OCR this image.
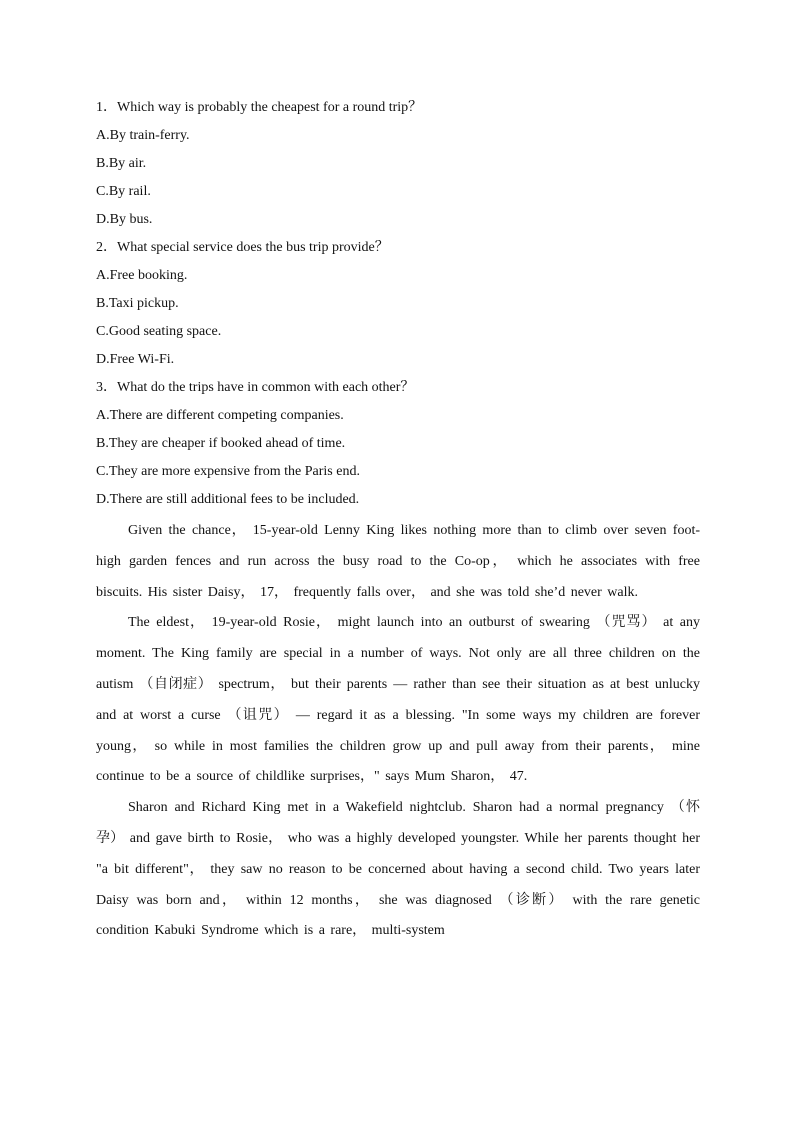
1．Which way is probably the cheapest for a round trip？
A.By train-ferry.
B.By air.
C.By rail.
D.By bus.
2．What special service does the bus trip provide？
A.Free booking.
B.Taxi pickup.
C.Good seating space.
D.Free Wi-Fi.
3．What do the trips have in common with each other？
A.There are different competing companies.
B.They are cheaper if booked ahead of time.
C.They are more expensive from the Paris end.
D.There are still additional fees to be included.

Given the chance， 15-year-old Lenny King likes nothing more than to climb over seven foot-high garden fences and run across the busy road to the Co-op， which he associates with free biscuits. His sister Daisy， 17， frequently falls over， and she was told she’d never walk.

The eldest， 19-year-old Rosie， might launch into an outburst of swearing （咒骂） at any moment. The King family are special in a number of ways. Not only are all three children on the autism （自闭症） spectrum， but their parents — rather than see their situation as at best unlucky and at worst a curse （诅咒） — regard it as a blessing. "In some ways my children are forever young， so while in most families the children grow up and pull away from their parents， mine continue to be a source of childlike surprises，" says Mum Sharon， 47.

Sharon and Richard King met in a Wakefield nightclub. Sharon had a normal pregnancy （怀孕） and gave birth to Rosie， who was a highly developed youngster. While her parents thought her "a bit different"， they saw no reason to be concerned about having a second child. Two years later Daisy was born and， within 12 months， she was diagnosed （诊断） with the rare genetic condition Kabuki Syndrome which is a rare， multi-system
